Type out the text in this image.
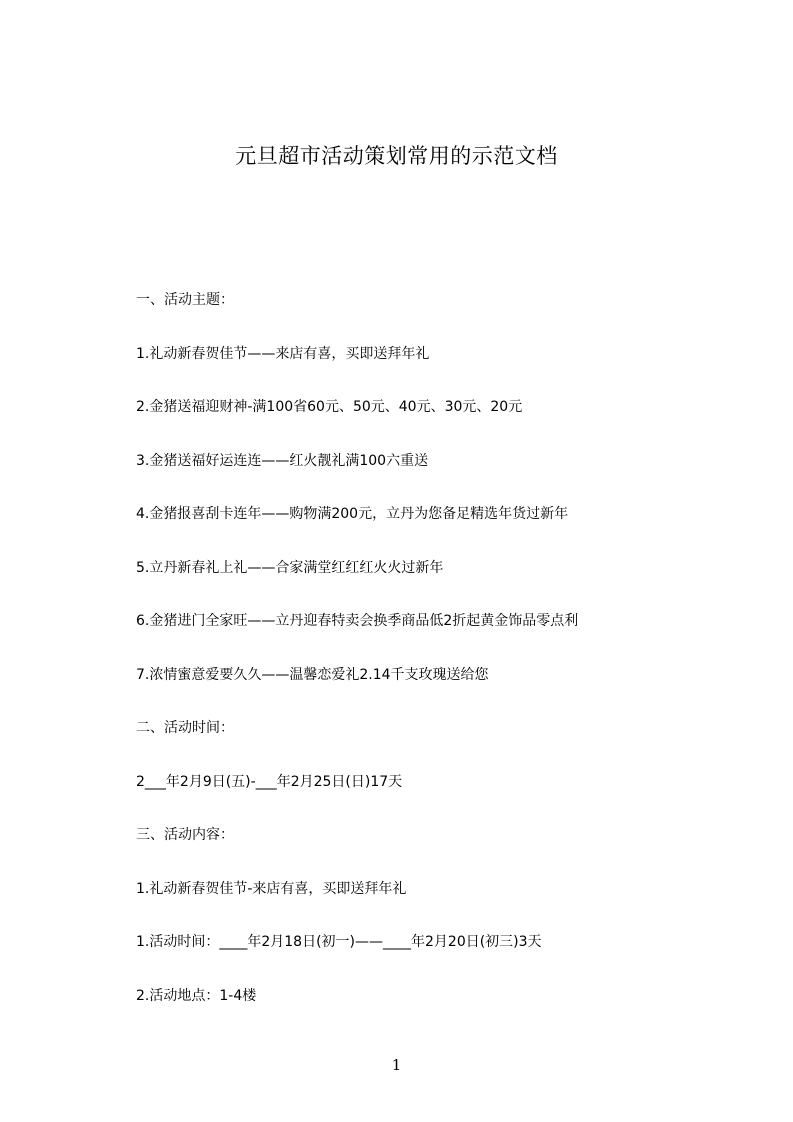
元旦超市活动策划常用的示范文档
一、活动主题：
1.礼动新春贺佳节——来店有喜，买即送拜年礼
2.金猪送福迎财神-满100省60元、50元、40元、30元、20元
3.金猪送福好运连连——红火靓礼满100六重送
4.金猪报喜刮卡连年——购物满200元，立丹为您备足精选年货过新年
5.立丹新春礼上礼——合家满堂红红红火火过新年
6.金猪进门全家旺——立丹迎春特卖会换季商品低2折起黄金饰品零点利
7.浓情蜜意爱要久久——温馨恋爱礼2.14千支玫瑰送给您
二、活动时间：
2___年2月9日(五)-___年2月25日(日)17天
三、活动内容：
1.礼动新春贺佳节-来店有喜，买即送拜年礼
1.活动时间：____年2月18日(初一)——____年2月20日(初三)3天
2.活动地点：1-4楼
1
